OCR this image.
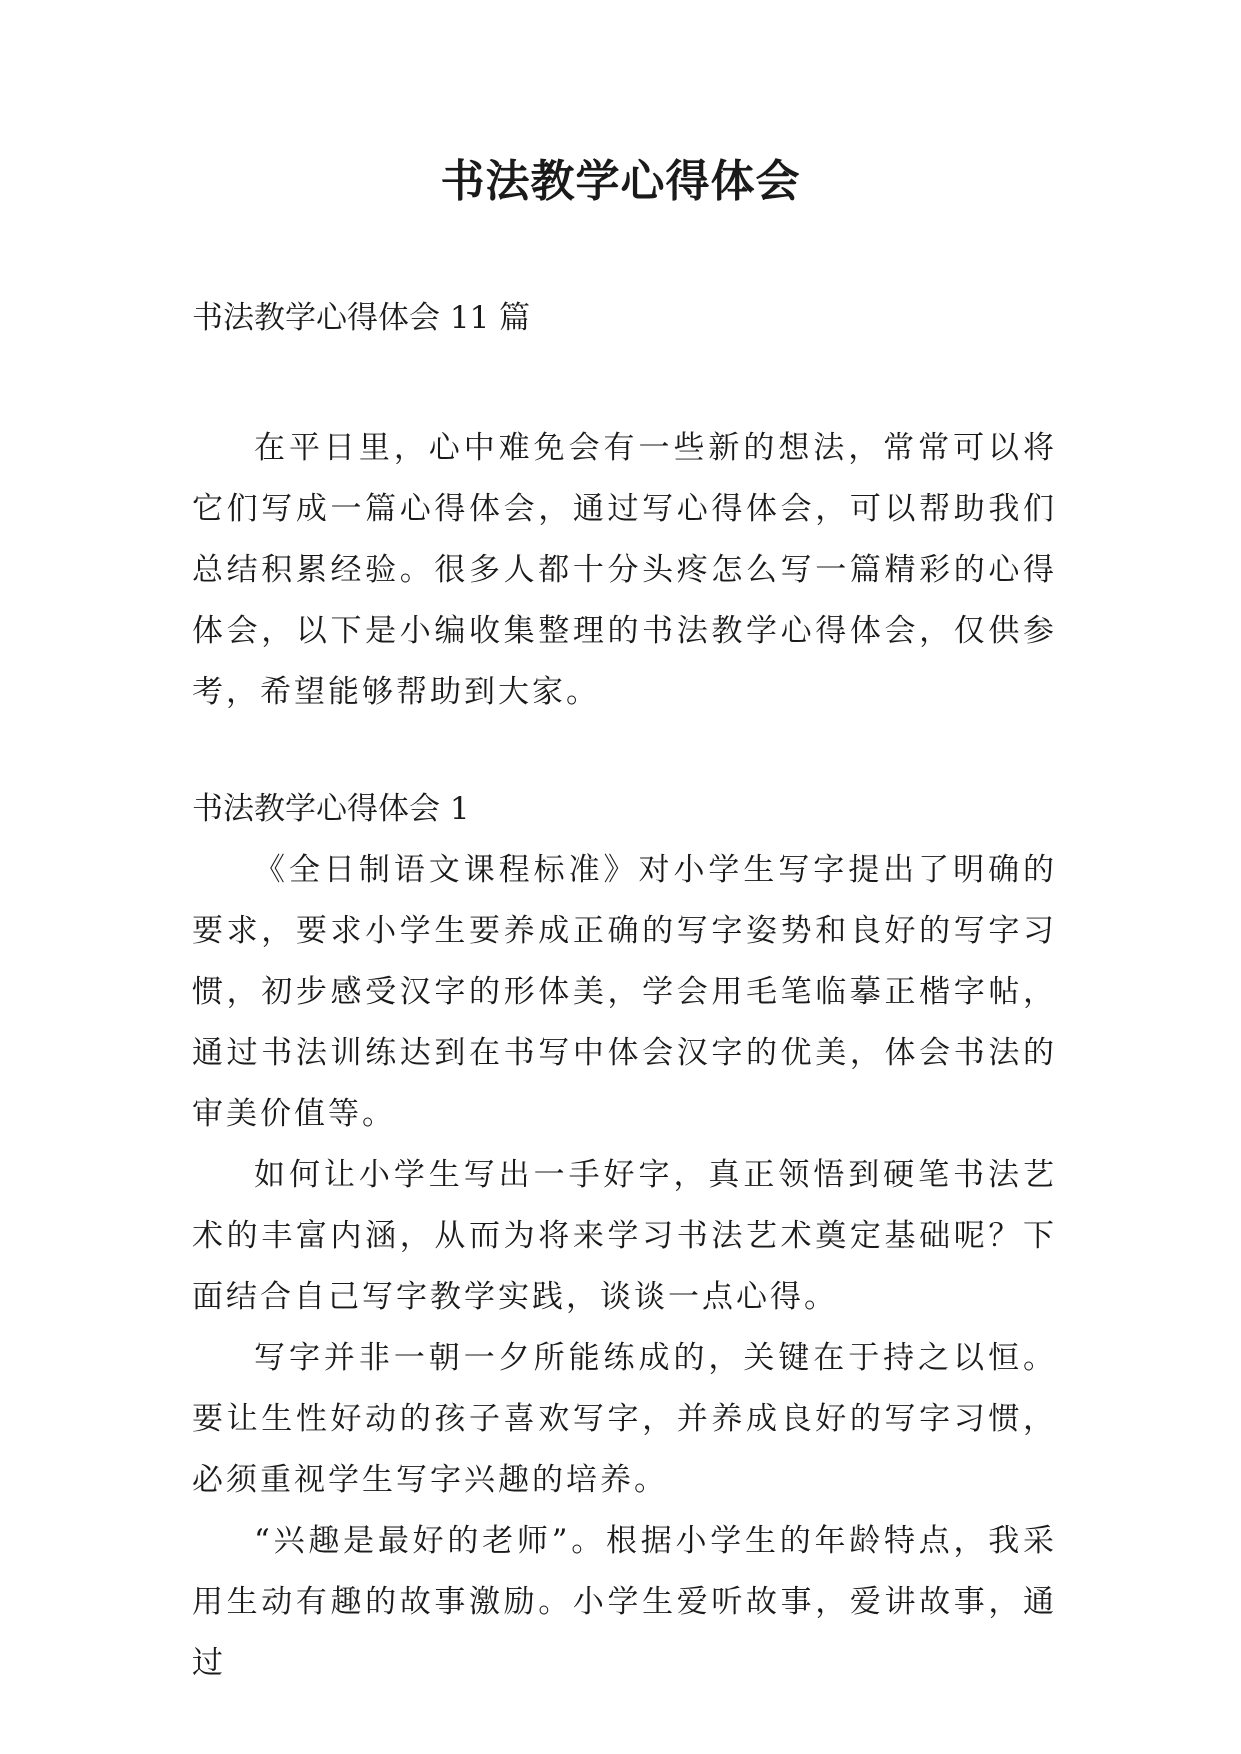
书法教学心得体会

书法教学心得体会 11 篇

在平日里，心中难免会有一些新的想法，常常可以将它们写成一篇心得体会，通过写心得体会，可以帮助我们总结积累经验。很多人都十分头疼怎么写一篇精彩的心得体会，以下是小编收集整理的书法教学心得体会，仅供参考，希望能够帮助到大家。

书法教学心得体会 1

《全日制语文课程标准》对小学生写字提出了明确的要求，要求小学生要养成正确的写字姿势和良好的写字习惯，初步感受汉字的形体美，学会用毛笔临摹正楷字帖，通过书法训练达到在书写中体会汉字的优美，体会书法的审美价值等。

如何让小学生写出一手好字，真正领悟到硬笔书法艺术的丰富内涵，从而为将来学习书法艺术奠定基础呢？下面结合自己写字教学实践，谈谈一点心得。

写字并非一朝一夕所能练成的，关键在于持之以恒。要让生性好动的孩子喜欢写字，并养成良好的写字习惯，必须重视学生写字兴趣的培养。

“兴趣是最好的老师”。根据小学生的年龄特点，我采用生动有趣的故事激励。小学生爱听故事，爱讲故事，通过
